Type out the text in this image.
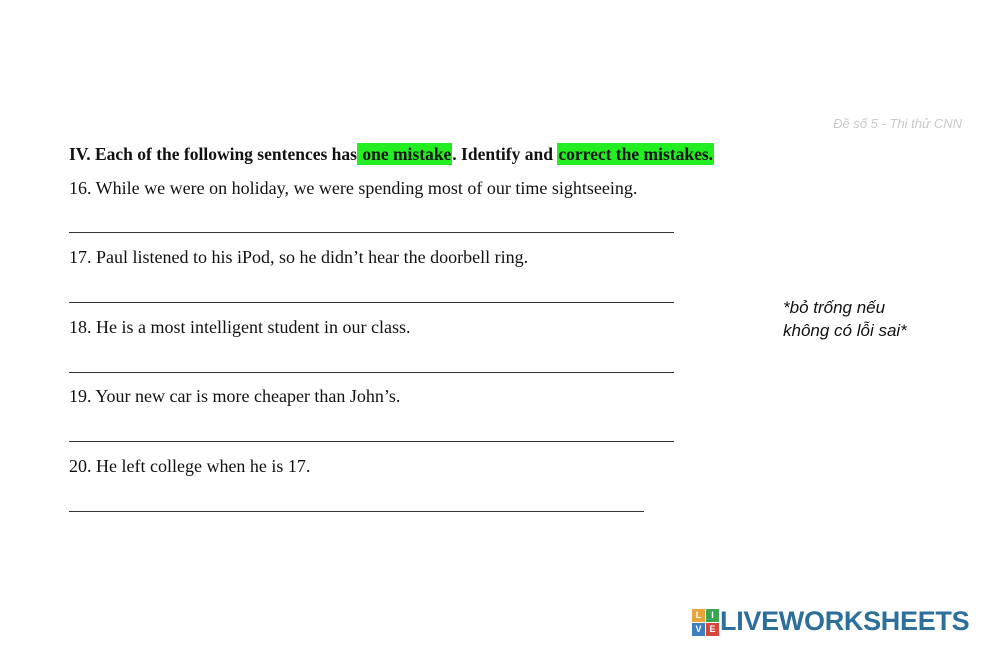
Đề số 5 - Thi thử CNN
IV. Each of the following sentences has one mistake. Identify and correct the mistakes.
16. While we were on holiday, we were spending most of our time sightseeing.
17. Paul listened to his iPod, so he didn’t hear the doorbell ring.
18. He is a most intelligent student in our class.
19. Your new car is more cheaper than John’s.
20. He left college when he is 17.
*bỏ trống nếu
không có lỗi sai*
L	I
V E LIVEWORKSHEETS
